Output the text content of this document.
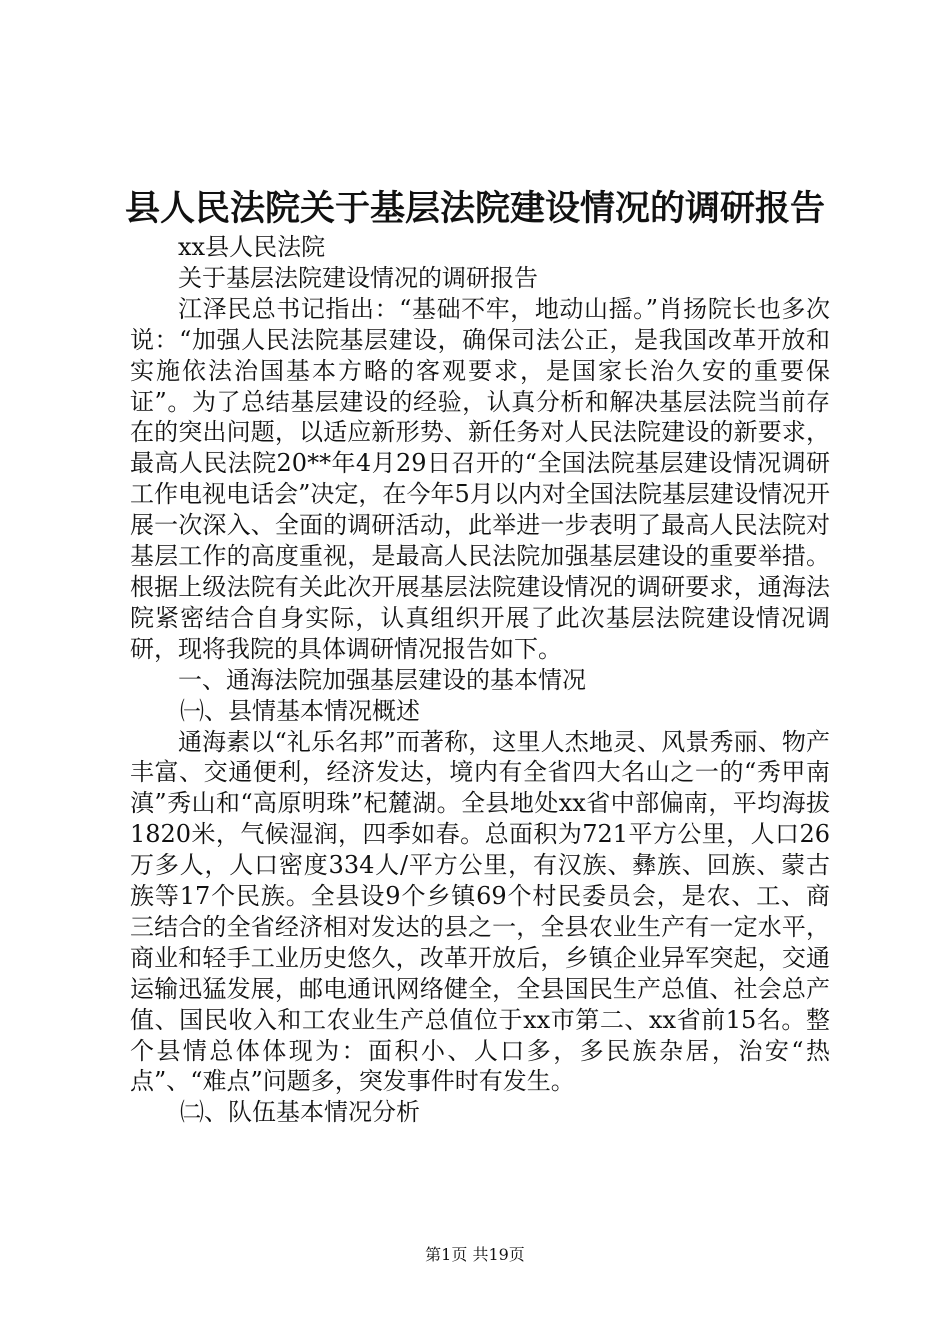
县人民法院关于基层法院建设情况的调研报告

xx县人民法院

关于基层法院建设情况的调研报告

江泽民总书记指出：“基础不牢，地动山摇。”肖扬院长也多次说：“加强人民法院基层建设，确保司法公正，是我国改革开放和实施依法治国基本方略的客观要求，是国家长治久安的重要保证”。为了总结基层建设的经验，认真分析和解决基层法院当前存在的突出问题，以适应新形势、新任务对人民法院建设的新要求，最高人民法院20**年4月29日召开的“全国法院基层建设情况调研工作电视电话会”决定，在今年5月以内对全国法院基层建设情况开展一次深入、全面的调研活动，此举进一步表明了最高人民法院对基层工作的高度重视，是最高人民法院加强基层建设的重要举措。根据上级法院有关此次开展基层法院建设情况的调研要求，通海法院紧密结合自身实际，认真组织开展了此次基层法院建设情况调研，现将我院的具体调研情况报告如下。

一、通海法院加强基层建设的基本情况

㈠、县情基本情况概述

通海素以“礼乐名邦”而著称，这里人杰地灵、风景秀丽、物产丰富、交通便利，经济发达，境内有全省四大名山之一的“秀甲南滇”秀山和“高原明珠”杞麓湖。全县地处xx省中部偏南，平均海拔1820米，气候湿润，四季如春。总面积为721平方公里，人口26万多人，人口密度334人/平方公里，有汉族、彝族、回族、蒙古族等17个民族。全县设9个乡镇69个村民委员会，是农、工、商三结合的全省经济相对发达的县之一，全县农业生产有一定水平，商业和轻手工业历史悠久，改革开放后，乡镇企业异军突起，交通运输迅猛发展，邮电通讯网络健全，全县国民生产总值、社会总产值、国民收入和工农业生产总值位于xx市第二、xx省前15名。整个县情总体体现为：面积小、人口多，多民族杂居，治安“热点”、“难点”问题多，突发事件时有发生。

㈡、队伍基本情况分析

第1页 共19页
